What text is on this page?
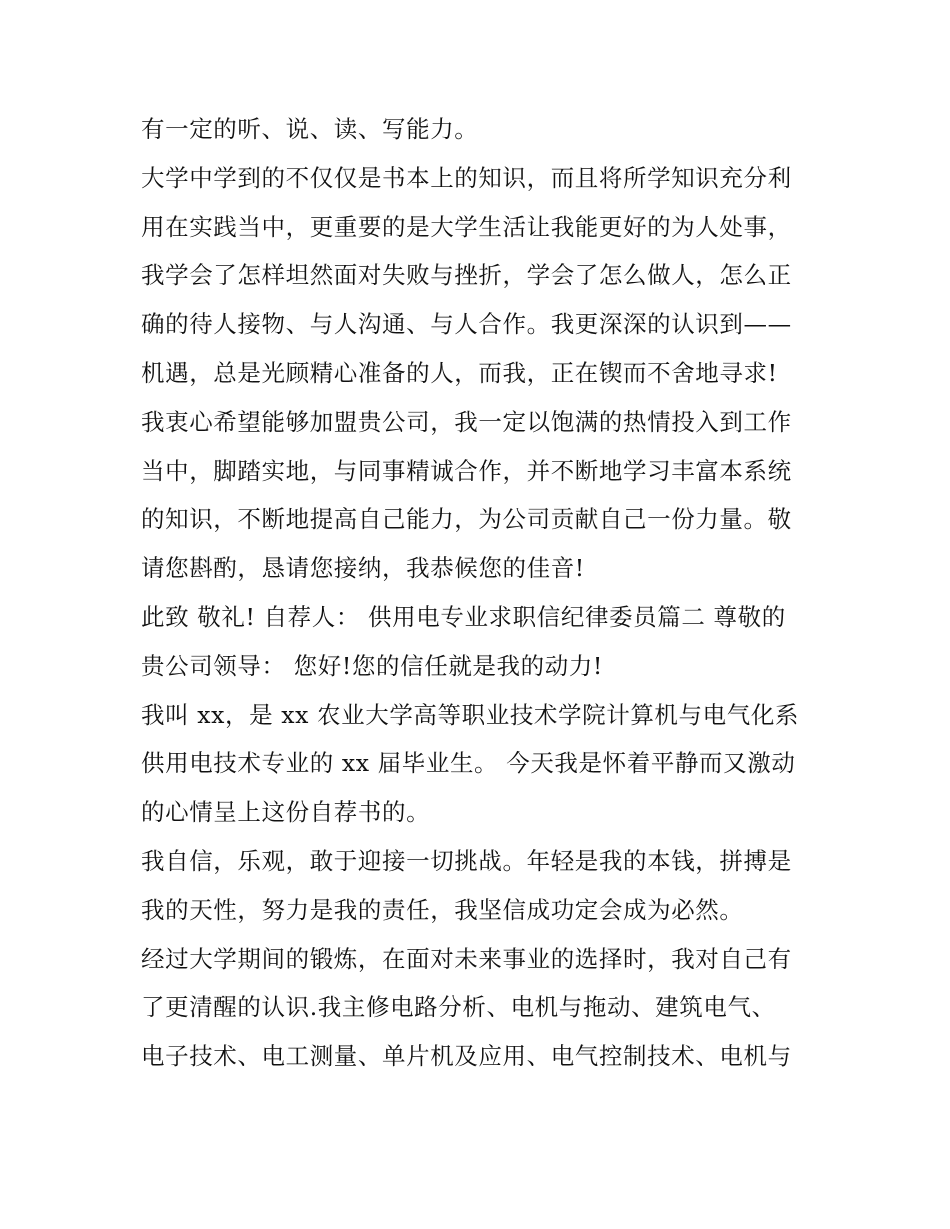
有一定的听、说、读、写能力。
大学中学到的不仅仅是书本上的知识，而且将所学知识充分利
用在实践当中，更重要的是大学生活让我能更好的为人处事，
我学会了怎样坦然面对失败与挫折，学会了怎么做人，怎么正
确的待人接物、与人沟通、与人合作。我更深深的认识到——
机遇，总是光顾精心准备的人，而我，正在锲而不舍地寻求!
我衷心希望能够加盟贵公司，我一定以饱满的热情投入到工作
当中，脚踏实地，与同事精诚合作，并不断地学习丰富本系统
的知识，不断地提高自己能力，为公司贡献自己一份力量。敬
请您斟酌，恳请您接纳，我恭候您的佳音!
此致 敬礼! 自荐人： 供用电专业求职信纪律委员篇二 尊敬的
贵公司领导： 您好!您的信任就是我的动力!
我叫 xx，是 xx 农业大学高等职业技术学院计算机与电气化系
供用电技术专业的 xx 届毕业生。 今天我是怀着平静而又激动
的心情呈上这份自荐书的。
我自信，乐观，敢于迎接一切挑战。年轻是我的本钱，拼搏是
我的天性，努力是我的责任，我坚信成功定会成为必然。
经过大学期间的锻炼，在面对未来事业的选择时，我对自己有
了更清醒的认识.我主修电路分析、电机与拖动、建筑电气、
电子技术、电工测量、单片机及应用、电气控制技术、电机与
